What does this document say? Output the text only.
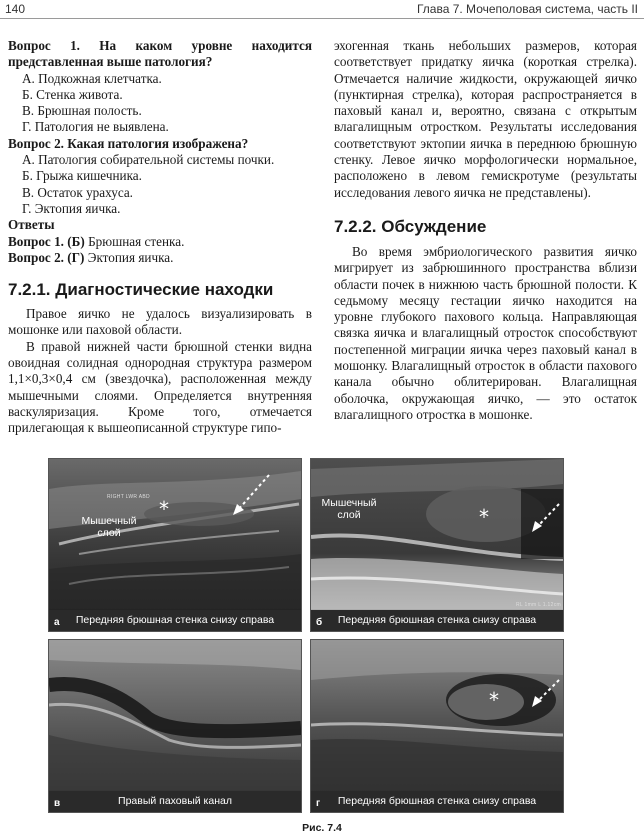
140	Глава 7. Мочеполовая система, часть II

Вопрос 1. На каком уровне находится представленная выше патология?

А. Подкожная клетчатка.

Б. Стенка живота.

В. Брюшная полость.

Г. Патология не выявлена.

Вопрос 2. Какая патология изображена?

А. Патология собирательной системы почки.

Б. Грыжа кишечника.

В. Остаток урахуса.

Г. Эктопия яичка.

Ответы

Вопрос 1. (Б) Брюшная стенка.

Вопрос 2. (Г) Эктопия яичка.

7.2.1. Диагностические находки

Правое яичко не удалось визуализировать в мошонке или паховой области.

В правой нижней части брюшной стенки видна овоидная солидная однородная структура размером 1,1×0,3×0,4 см (звездочка), расположенная между мышечными слоями. Определяется внутренняя васкуляризация. Кроме того, отмечается прилегающая к вышеописанной структуре гипо-

эхогенная ткань небольших размеров, которая соответствует придатку яичка (короткая стрелка). Отмечается наличие жидкости, окружающей яичко (пунктирная стрелка), которая распространяется в паховый канал и, вероятно, связана с открытым влагалищным отростком. Результаты исследования соответствуют эктопии яичка в переднюю брюшную стенку. Левое яичко морфологически нормальное, расположено в левом гемискротуме (результаты исследования левого яичка не представлены).

7.2.2. Обсуждение

Во время эмбриологического развития яичко мигрирует из забрюшинного пространства вблизи области почек в нижнюю часть брюшной полости. К седьмому месяцу гестации яичко находится на уровне глубокого пахового кольца. Направляющая связка яичка и влагалищный отросток способствуют постепенной миграции яичка через паховый канал в мошонку. Влагалищный отросток в области пахового канала обычно облитерирован. Влагалищная оболочка, окружающая яичко, — это остаток влагалищного отростка в мошонке.

RIGHT LWR ABD *
Мышечный слой
Передняя брюшная стенка снизу справа
а
Мышечный слой	*
RL 1mm L 1.12cm
Передняя брюшная стенка снизу справа
б
Правый паховый канал
в
*
Передняя брюшная стенка снизу справа
г
Рис. 7.4
